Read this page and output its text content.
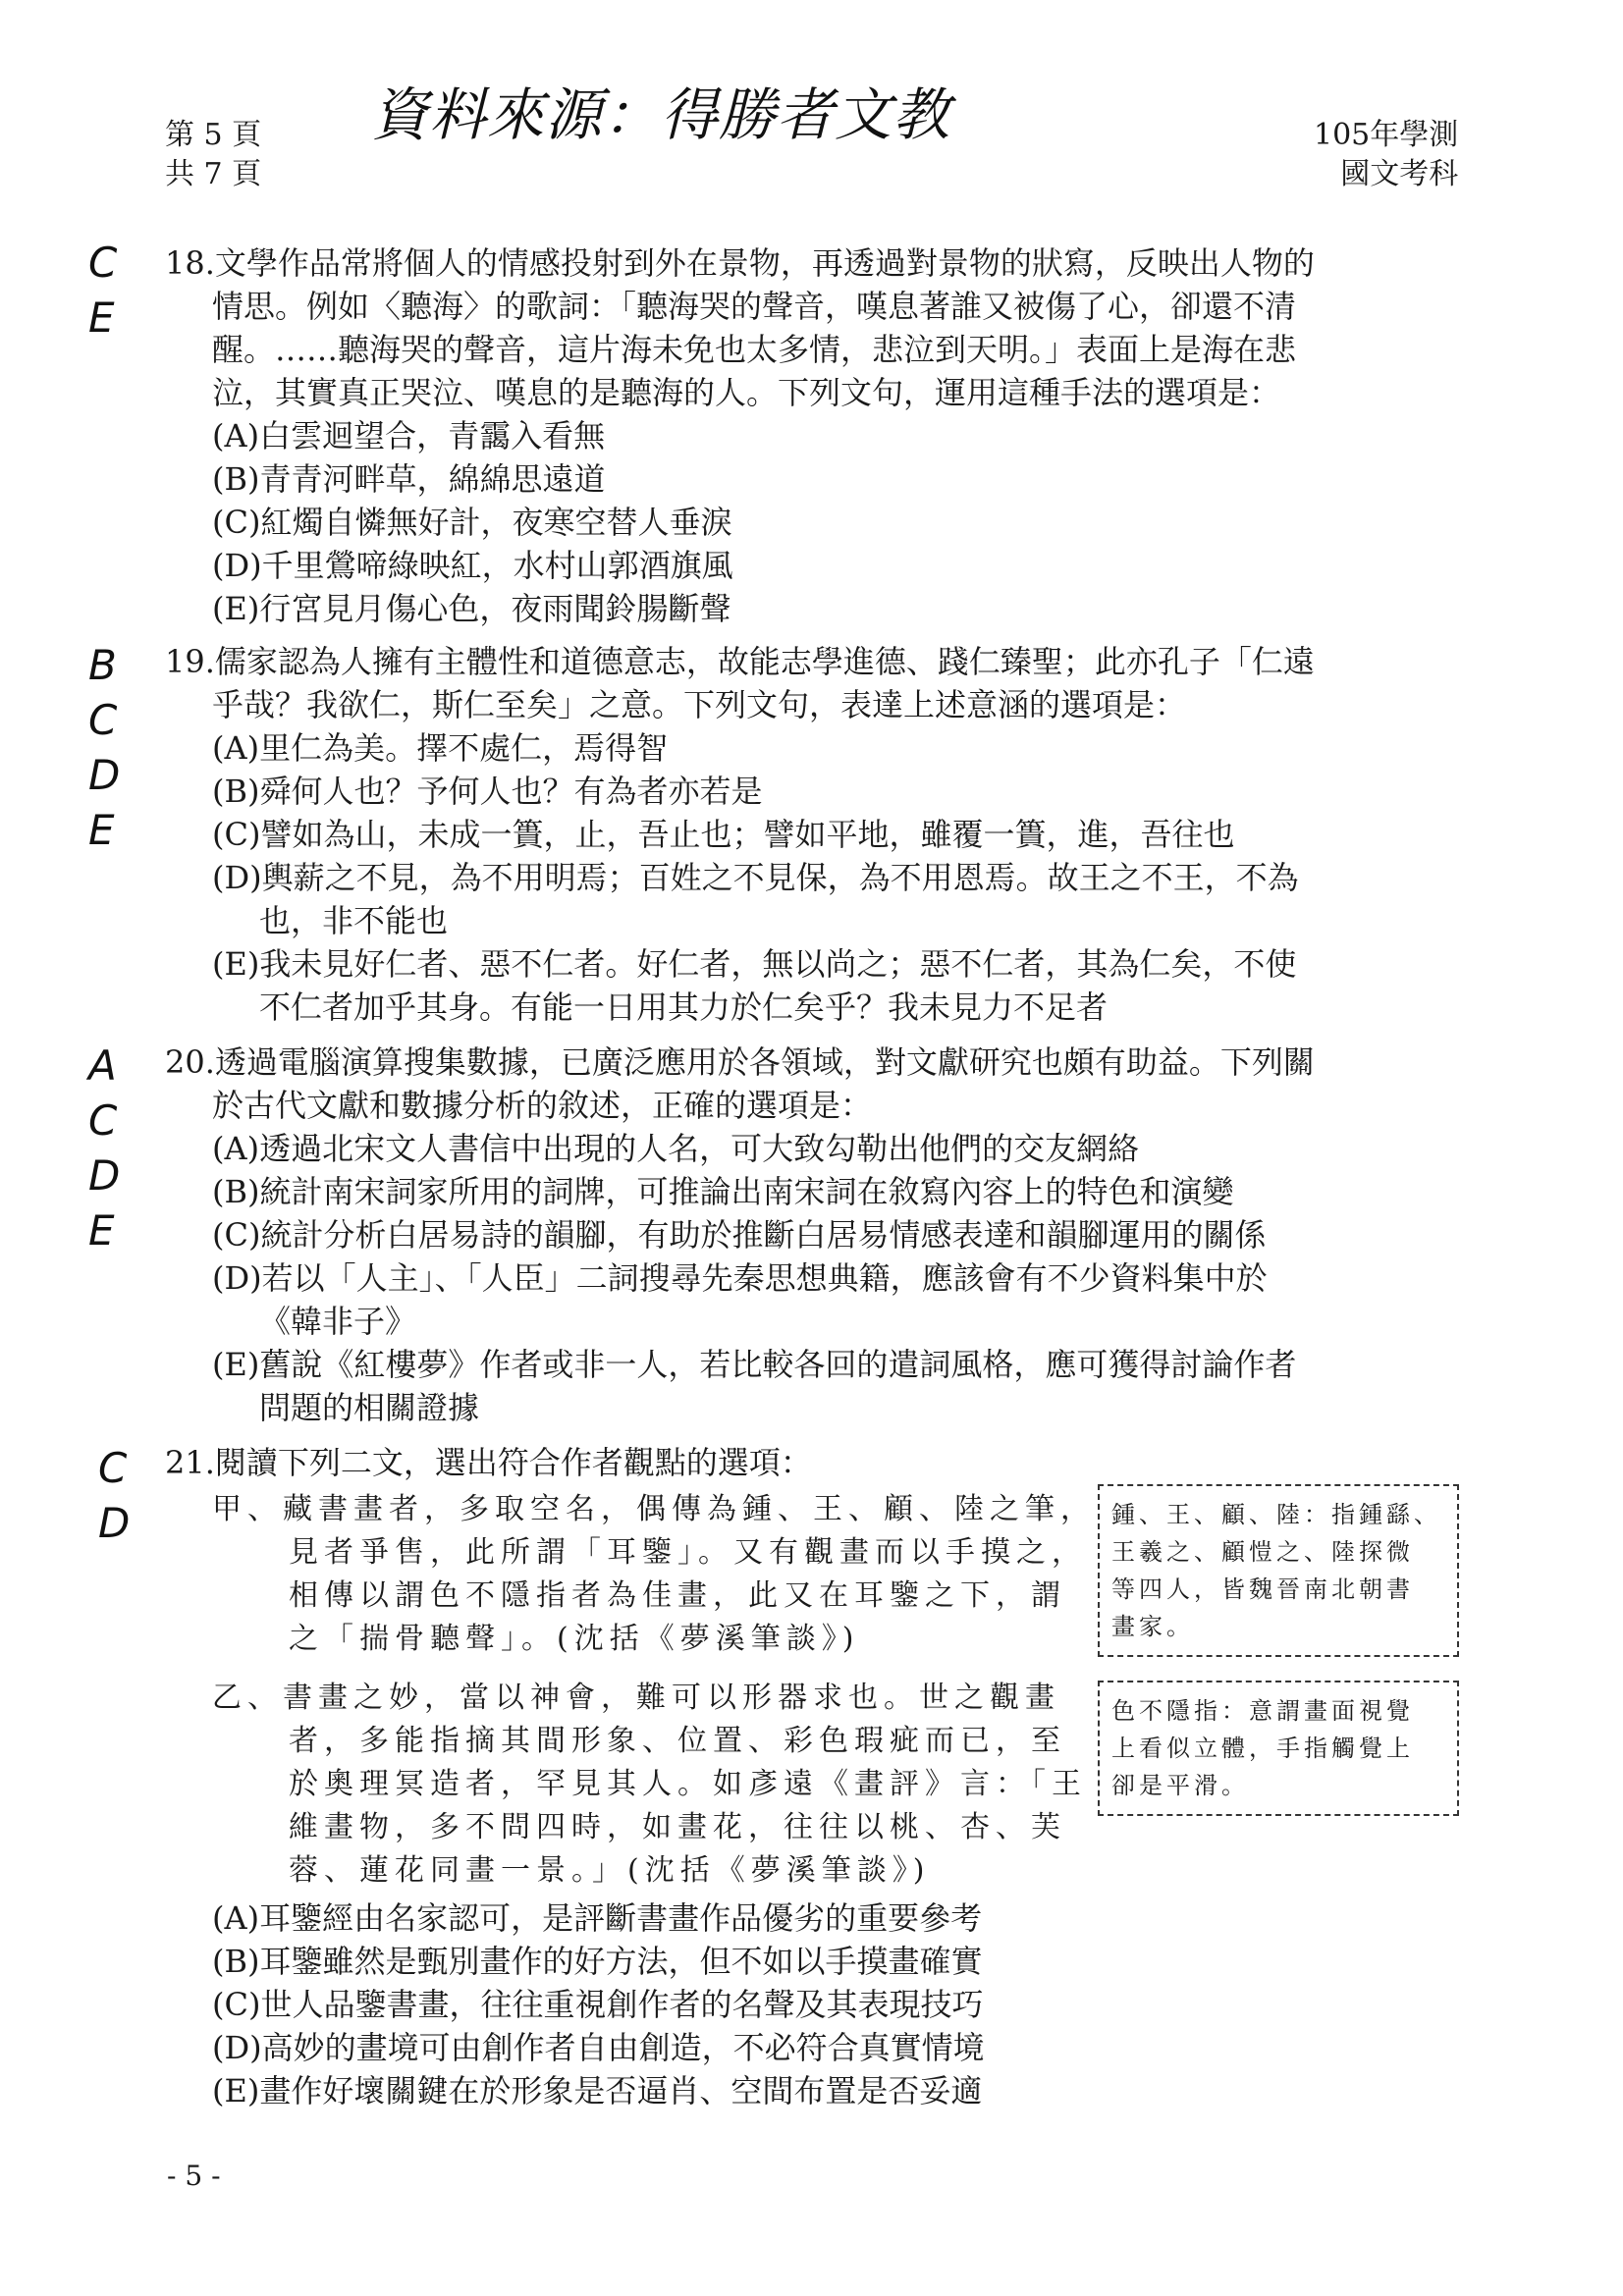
第 5 頁
共 7 頁
資料來源：得勝者文教	105年學測
國文考科
C
E
B
C
D
E
A
C
D
E
C
D
18.文學作品常將個人的情感投射到外在景物，再透過對景物的狀寫，反映出人物的
情思。例如〈聽海〉的歌詞：「聽海哭的聲音，嘆息著誰又被傷了心，卻還不清
醒。……聽海哭的聲音，這片海未免也太多情，悲泣到天明。」表面上是海在悲
泣，其實真正哭泣、嘆息的是聽海的人。下列文句，運用這種手法的選項是：
(A)白雲迴望合，青靄入看無
(B)青青河畔草，綿綿思遠道
(C)紅燭自憐無好計，夜寒空替人垂淚
(D)千里鶯啼綠映紅，水村山郭酒旗風
(E)行宮見月傷心色，夜雨聞鈴腸斷聲
19.儒家認為人擁有主體性和道德意志，故能志學進德、踐仁臻聖；此亦孔子「仁遠
乎哉？我欲仁，斯仁至矣」之意。下列文句，表達上述意涵的選項是：
(A)里仁為美。擇不處仁，焉得智
(B)舜何人也？予何人也？有為者亦若是
(C)譬如為山，未成一簣，止，吾止也；譬如平地，雖覆一簣，進，吾往也
(D)輿薪之不見，為不用明焉；百姓之不見保，為不用恩焉。故王之不王，不為
也，非不能也
(E)我未見好仁者、惡不仁者。好仁者，無以尚之；惡不仁者，其為仁矣，不使
不仁者加乎其身。有能一日用其力於仁矣乎？我未見力不足者
20.透過電腦演算搜集數據，已廣泛應用於各領域，對文獻研究也頗有助益。下列關
於古代文獻和數據分析的敘述，正確的選項是：
(A)透過北宋文人書信中出現的人名，可大致勾勒出他們的交友網絡
(B)統計南宋詞家所用的詞牌，可推論出南宋詞在敘寫內容上的特色和演變
(C)統計分析白居易詩的韻腳，有助於推斷白居易情感表達和韻腳運用的關係
(D)若以「人主」、「人臣」二詞搜尋先秦思想典籍，應該會有不少資料集中於
《韓非子》
(E)舊說《紅樓夢》作者或非一人，若比較各回的遣詞風格，應可獲得討論作者
問題的相關證據
21.閱讀下列二文，選出符合作者觀點的選項：
甲、藏書畫者，多取空名，偶傳為鍾、王、顧、陸之筆，
見者爭售，此所謂「耳鑒」。又有觀畫而以手摸之，
相傳以謂色不隱指者為佳畫，此又在耳鑒之下，謂
之「揣骨聽聲」。(沈括《夢溪筆談》)
乙、書畫之妙，當以神會，難可以形器求也。世之觀畫
者，多能指摘其間形象、位置、彩色瑕疵而已，至
於奧理冥造者，罕見其人。如彥遠《畫評》言：「王
維畫物，多不問四時，如畫花，往往以桃、杏、芙
蓉、蓮花同畫一景。」(沈括《夢溪筆談》)
鍾、王、顧、陸：指鍾繇、
王羲之、顧愷之、陸探微
等四人，皆魏晉南北朝書
畫家。
色不隱指：意謂畫面視覺
上看似立體，手指觸覺上
卻是平滑。
(A)耳鑒經由名家認可，是評斷書畫作品優劣的重要參考
(B)耳鑒雖然是甄別畫作的好方法，但不如以手摸畫確實
(C)世人品鑒書畫，往往重視創作者的名聲及其表現技巧
(D)高妙的畫境可由創作者自由創造，不必符合真實情境
(E)畫作好壞關鍵在於形象是否逼肖、空間布置是否妥適
- 5 -
